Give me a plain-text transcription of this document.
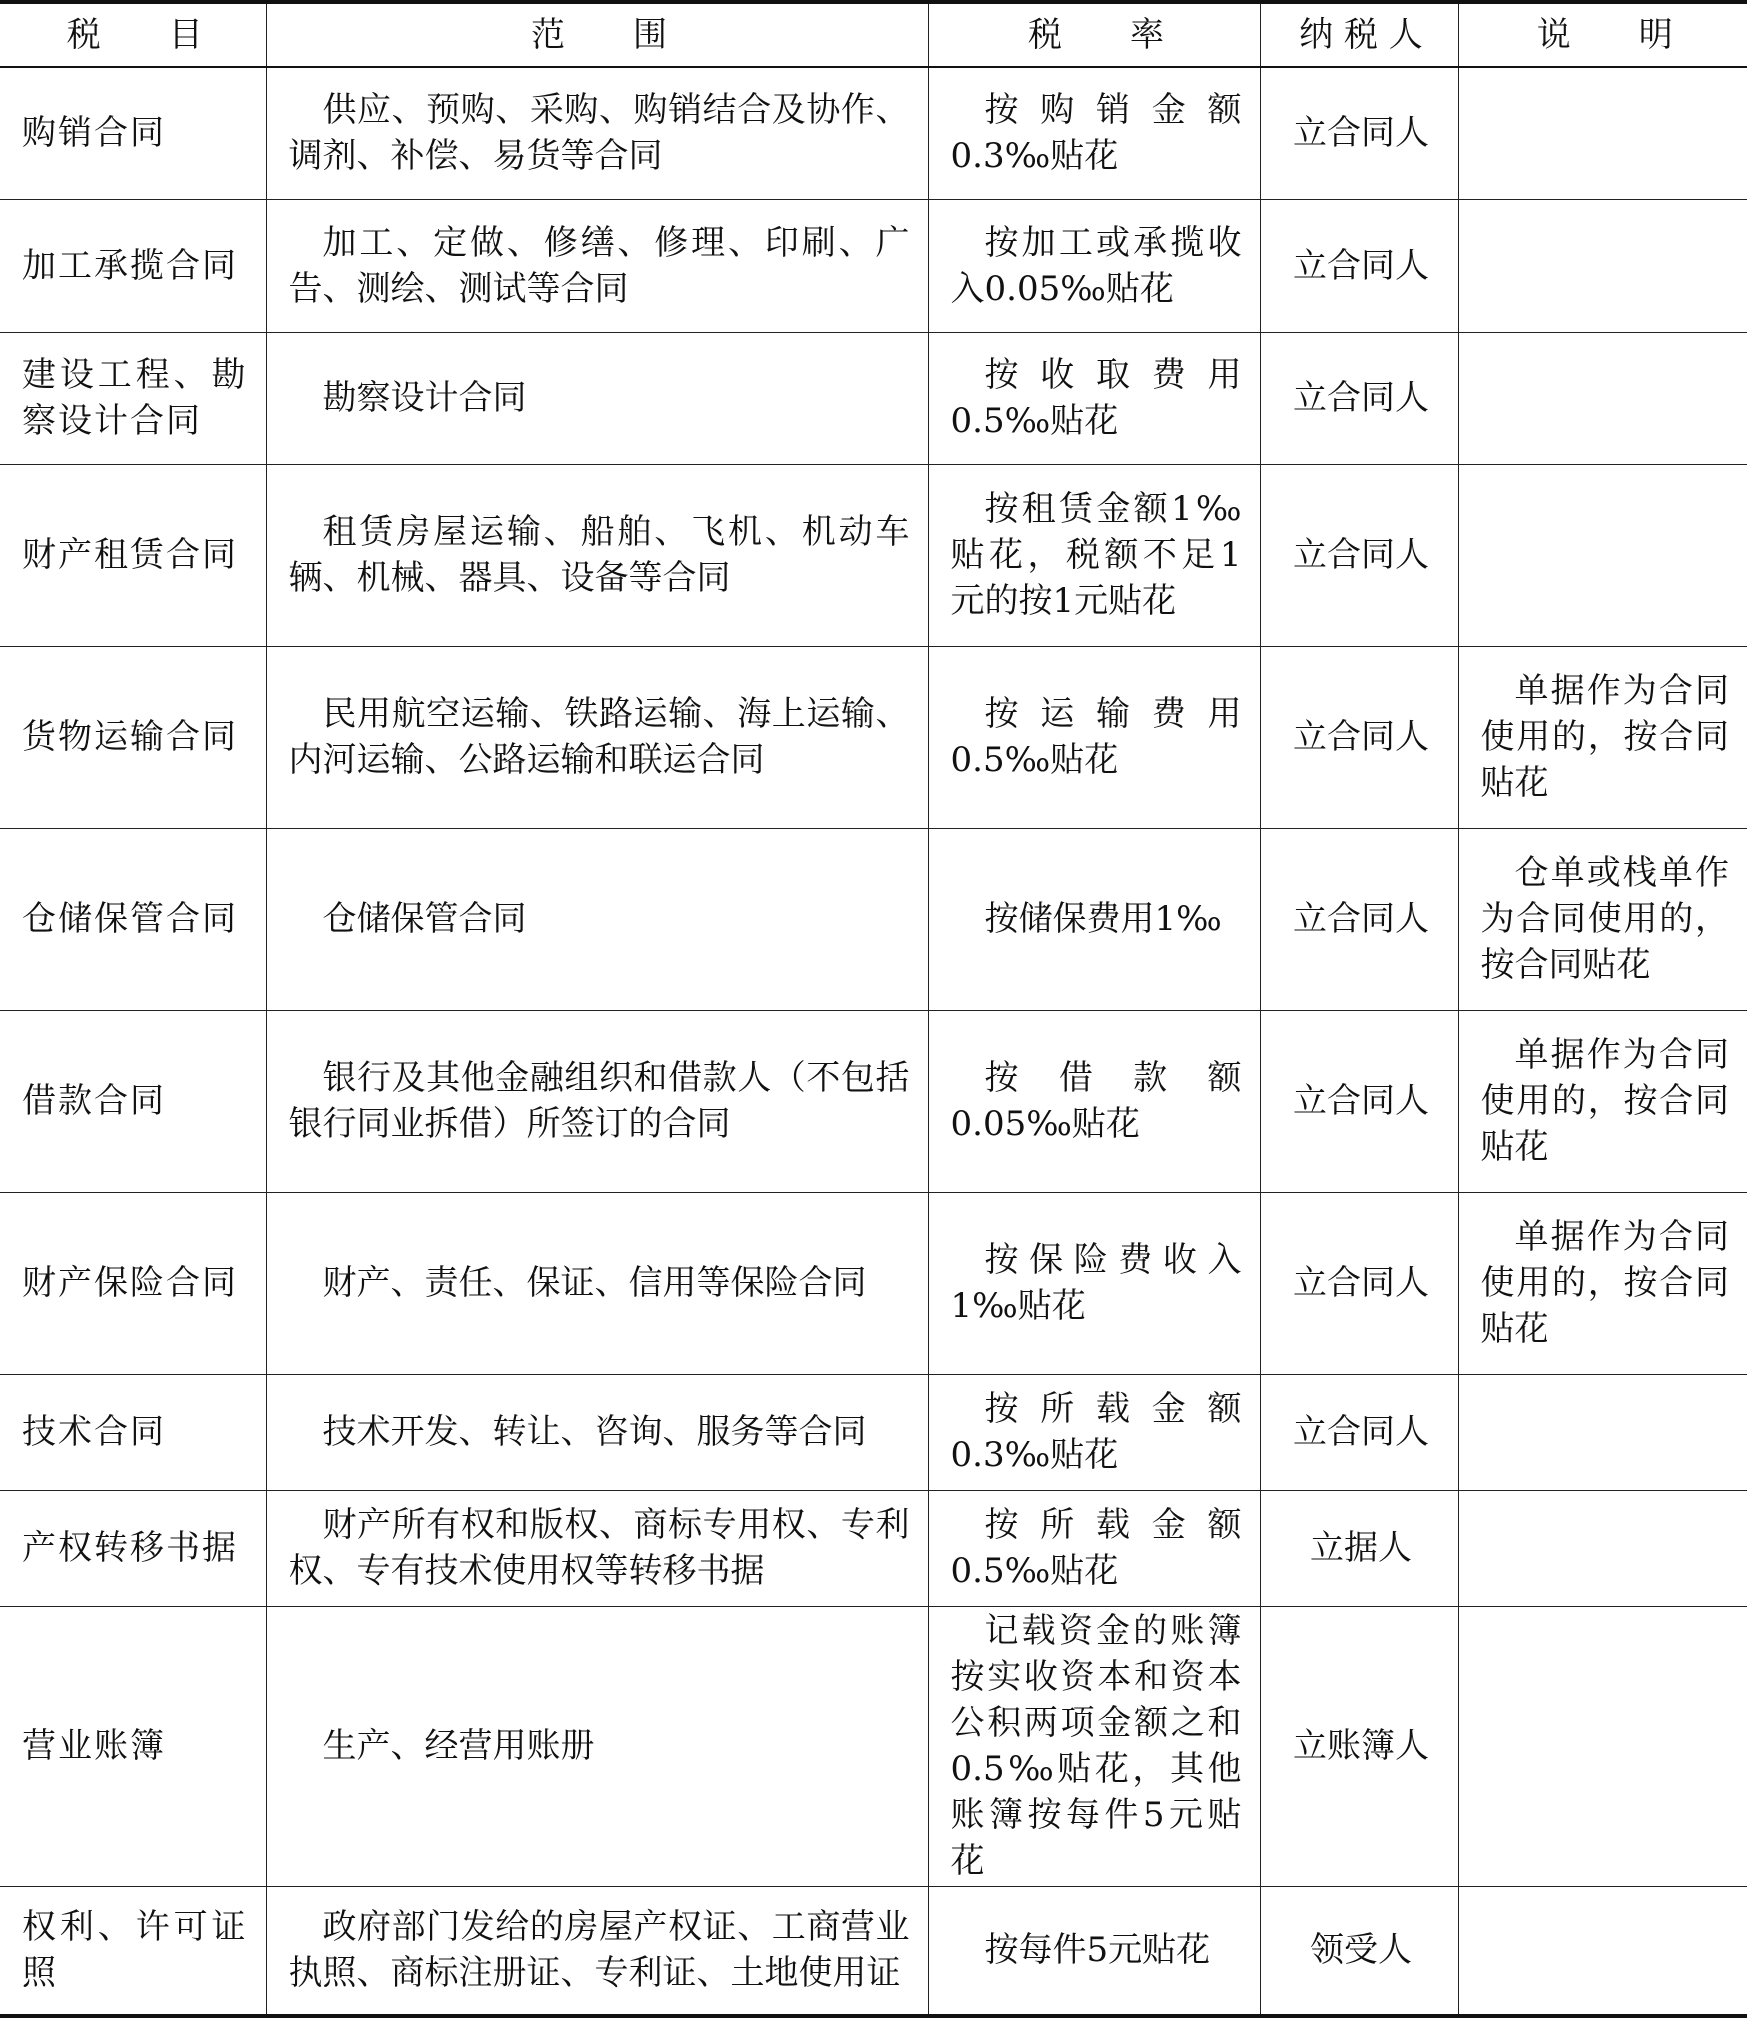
税　　目	范　　围	税　　率	纳 税 人	说　　明
购销合同	供应、预购、采购、购销结合及协作、调剂、补偿、易货等合同	按购销金额0.3‰贴花	立合同人	
加工承揽合同	加工、定做、修缮、修理、印刷、广告、测绘、测试等合同	按加工或承揽收入0.05‰贴花	立合同人	
建设工程、勘察设计合同	勘察设计合同	按收取费用0.5‰贴花	立合同人	
财产租赁合同	租赁房屋运输、船舶、飞机、机动车辆、机械、器具、设备等合同	按租赁金额1‰贴花，税额不足1元的按1元贴花	立合同人	
货物运输合同	民用航空运输、铁路运输、海上运输、内河运输、公路运输和联运合同	按运输费用0.5‰贴花	立合同人	单据作为合同使用的，按合同贴花
仓储保管合同	仓储保管合同	按储保费用1‰	立合同人	仓单或栈单作为合同使用的，按合同贴花
借款合同	银行及其他金融组织和借款人（不包括银行同业拆借）所签订的合同	按借款额0.05‰贴花	立合同人	单据作为合同使用的，按合同贴花
财产保险合同	财产、责任、保证、信用等保险合同	按保险费收入1‰贴花	立合同人	单据作为合同使用的，按合同贴花
技术合同	技术开发、转让、咨询、服务等合同	按所载金额0.3‰贴花	立合同人	
产权转移书据	财产所有权和版权、商标专用权、专利权、专有技术使用权等转移书据	按所载金额0.5‰贴花	立据人	
营业账簿	生产、经营用账册	记载资金的账簿按实收资本和资本公积两项金额之和0.5‰贴花，其他账簿按每件5元贴花	立账簿人	
权利、许可证照	政府部门发给的房屋产权证、工商营业执照、商标注册证、专利证、土地使用证	按每件5元贴花	领受人	
